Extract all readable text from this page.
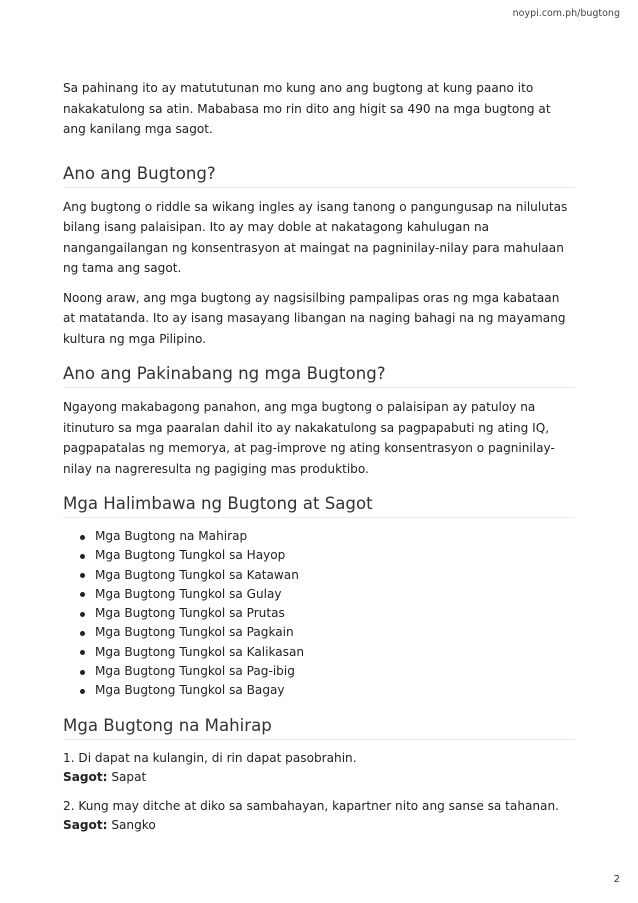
noypi.com.ph/bugtong

Sa pahinang ito ay matututunan mo kung ano ang bugtong at kung paano ito nakakatulong sa atin. Mababasa mo rin dito ang higit sa 490 na mga bugtong at ang kanilang mga sagot.

Ano ang Bugtong?

Ang bugtong o riddle sa wikang ingles ay isang tanong o pangungusap na nilulutas bilang isang palaisipan. Ito ay may doble at nakatagong kahulugan na nangangailangan ng konsentrasyon at maingat na pagninilay-nilay para mahulaan ng tama ang sagot.

Noong araw, ang mga bugtong ay nagsisilbing pampalipas oras ng mga kabataan at matatanda. Ito ay isang masayang libangan na naging bahagi na ng mayamang kultura ng mga Pilipino.

Ano ang Pakinabang ng mga Bugtong?

Ngayong makabagong panahon, ang mga bugtong o palaisipan ay patuloy na itinuturo sa mga paaralan dahil ito ay nakakatulong sa pagpapabuti ng ating IQ, pagpapatalas ng memorya, at pag-improve ng ating konsentrasyon o pagninilay-nilay na nagreresulta ng pagiging mas produktibo.

Mga Halimbawa ng Bugtong at Sagot
Mga Bugtong na Mahirap
Mga Bugtong Tungkol sa Hayop
Mga Bugtong Tungkol sa Katawan
Mga Bugtong Tungkol sa Gulay
Mga Bugtong Tungkol sa Prutas
Mga Bugtong Tungkol sa Pagkain
Mga Bugtong Tungkol sa Kalikasan
Mga Bugtong Tungkol sa Pag-ibig
Mga Bugtong Tungkol sa Bagay
Mga Bugtong na Mahirap
1. Di dapat na kulangin, di rin dapat pasobrahin.
Sagot: Sapat
2. Kung may ditche at diko sa sambahayan, kapartner nito ang sanse sa tahanan.
Sagot: Sangko
2
